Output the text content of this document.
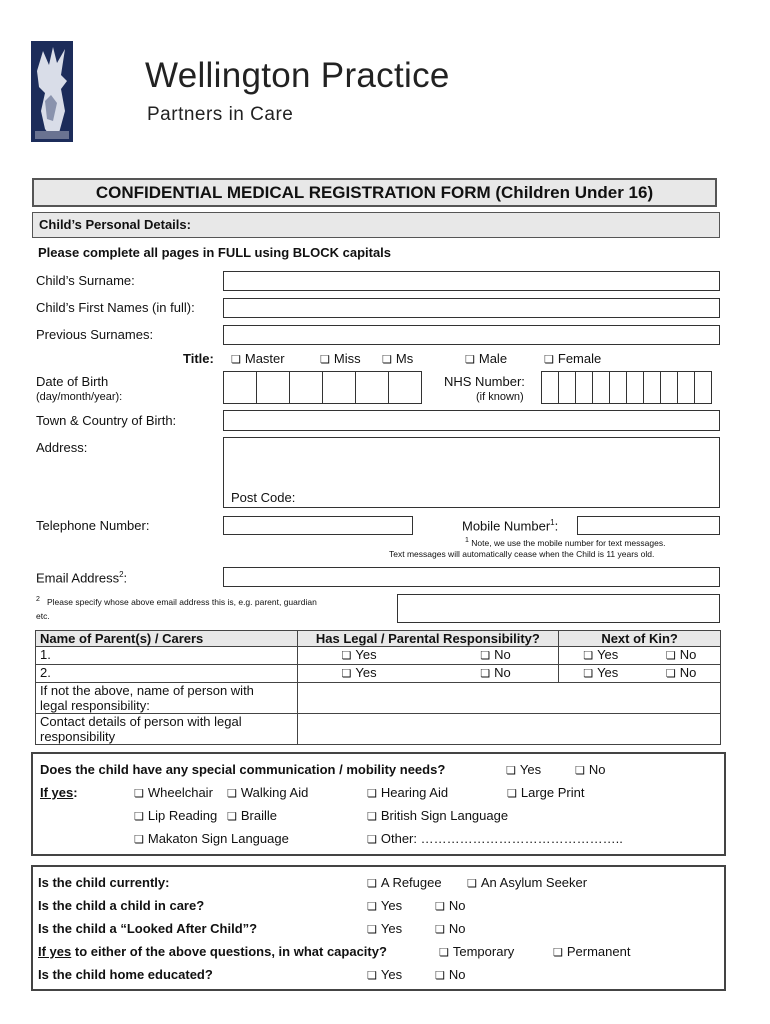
Wellington Practice
Partners in Care
CONFIDENTIAL MEDICAL REGISTRATION FORM (Children Under 16)
Child’s Personal Details:
Please complete all pages in FULL using BLOCK capitals
Child’s Surname:
Child’s First Names (in full):
Previous Surnames:
Title:	❏ Master	❏ Miss	❏ Ms	❏ Male	❏ Female
Date of Birth
(day/month/year):
NHS Number:
(if known)
Town & Country of Birth:
Address:
Post Code:
Telephone Number:	Mobile Number$^1$:
$^1$ Note, we use the mobile number for text messages.
Text messages will automatically cease when the Child is 11 years old.
Email Address$^2$:
$^2$ Please specify whose above email address this is, e.g. parent, guardian
etc.
Name of Parent(s) / Carers	Has Legal / Parental Responsibility?	Next of Kin?
1.	❏ Yes ❏ No	❏ Yes ❏ No
2.	❏ Yes ❏ No	❏ Yes ❏ No
If not the above, name of person with
legal responsibility:		
Contact details of person with legal
responsibility		
Does the child have any special communication / mobility needs?	❏ Yes	❏ No
If yes:	❏ Wheelchair	❏ Walking Aid	❏ Hearing Aid	❏ Large Print
❏ Lip Reading	❏ Braille	❏ British Sign Language
❏ Makaton Sign Language	❏ Other: ………………………………………..
Is the child currently:	❏ A Refugee	❏ An Asylum Seeker
Is the child a child in care?	❏ Yes	❏ No
Is the child a “Looked After Child”?	❏ Yes	❏ No
If yes to either of the above questions, in what capacity?	❏ Temporary	❏ Permanent
Is the child home educated?	❏ Yes	❏ No
